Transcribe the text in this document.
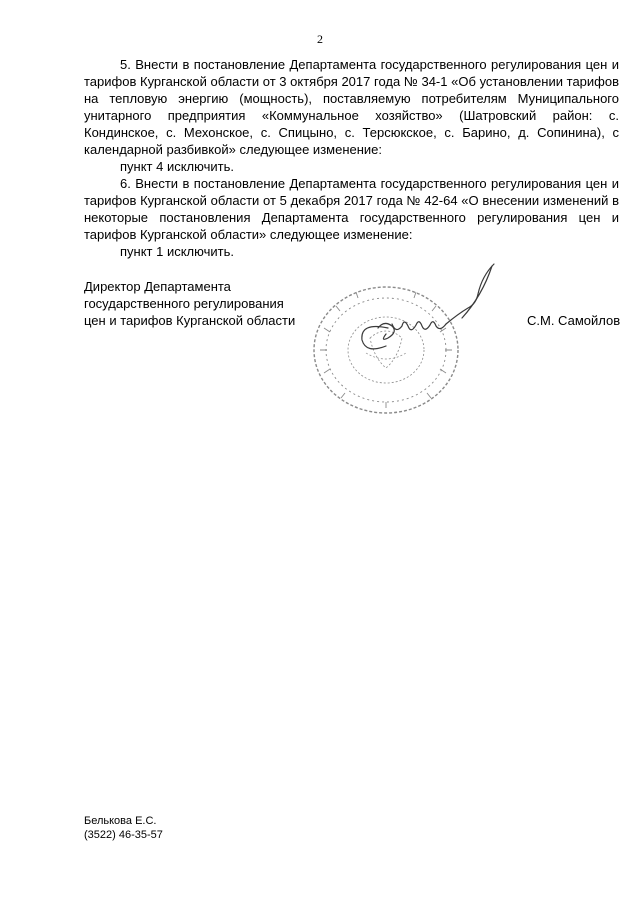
2

5. Внести в постановление Департамента государственного регулирования цен и тарифов Курганской области от 3 октября 2017 года № 34-1 «Об установлении тарифов на тепловую энергию (мощность), поставляемую потребителям Муниципального унитарного предприятия «Коммунальное хозяйство» (Шатровский район: с. Кондинское, с. Мехонское, с. Спицыно, с. Терсюкское, с. Барино, д. Сопинина), с календарной разбивкой» следующее изменение:

пункт 4 исключить.

6. Внести в постановление Департамента государственного регулирования цен и тарифов Курганской области от 5 декабря 2017 года № 42-64 «О внесении изменений в некоторые постановления Департамента государственного регулирования цен и тарифов Курганской области» следующее изменение:

пункт 1 исключить.

Директор Департамента
государственного регулирования
цен и тарифов Курганской области	С.М. Самойлов
Белькова Е.С.
(3522) 46-35-57
